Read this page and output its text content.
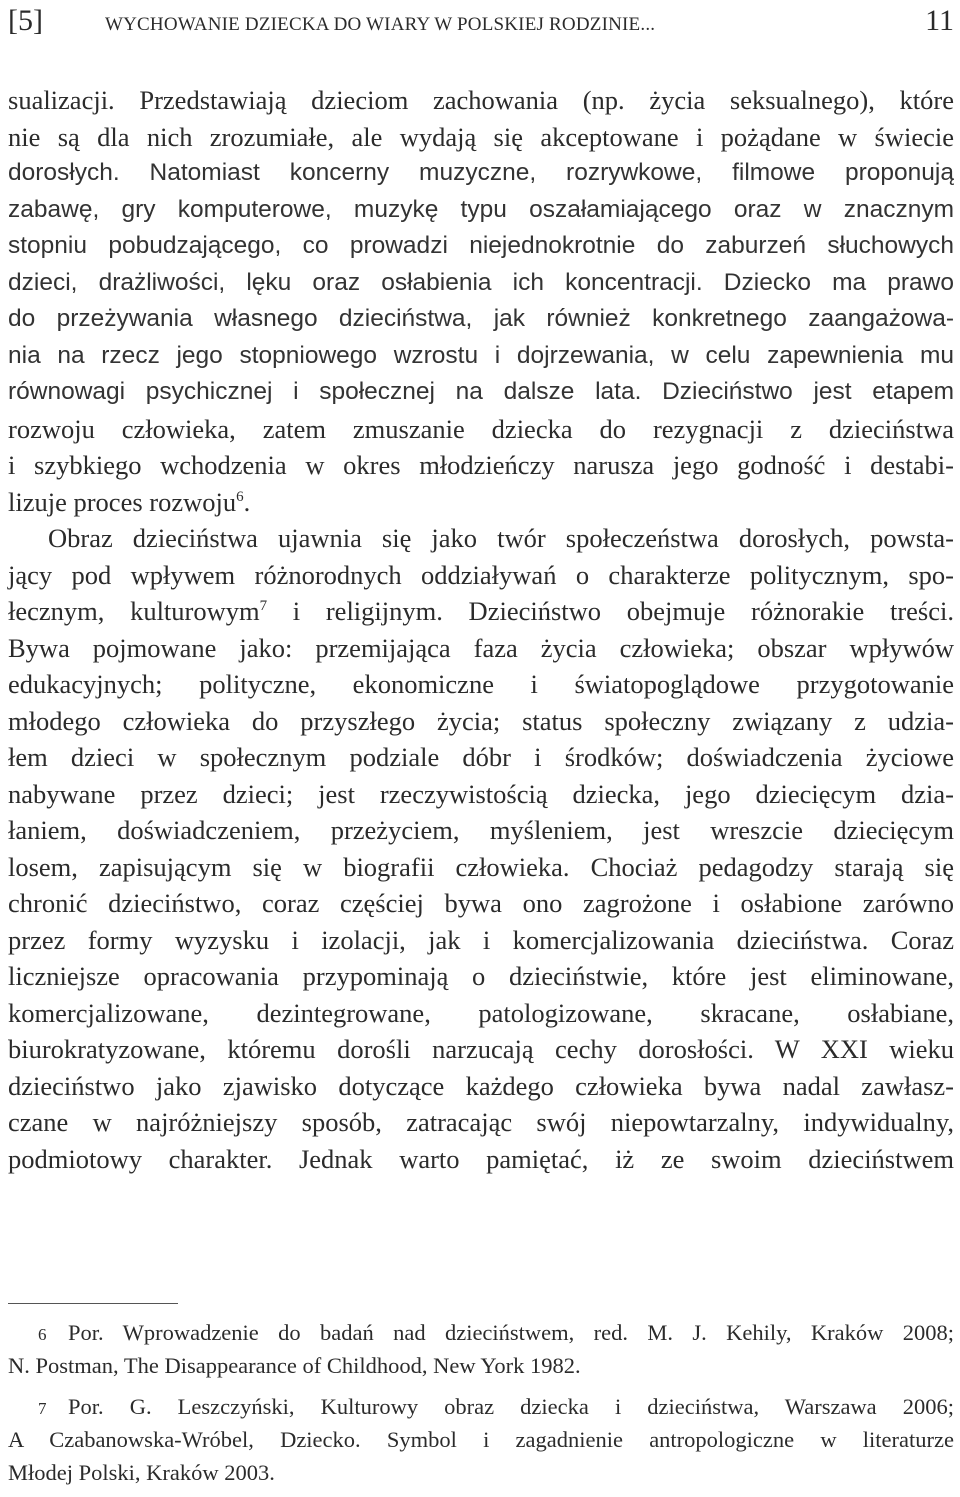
[5]	WYCHOWANIE DZIECKA DO WIARY W POLSKIEJ RODZINIE...	11
sualizacji. Przedstawiają dzieciom zachowania (np. życia seksualnego), które
nie są dla nich zrozumiałe, ale wydają się akceptowane i pożądane w świecie
dorosłych. Natomiast koncerny muzyczne, rozrywkowe, filmowe proponują
zabawę, gry komputerowe, muzykę typu oszałamiającego oraz w znacznym
stopniu pobudzającego, co prowadzi niejednokrotnie do zaburzeń słuchowych
dzieci, drażliwości, lęku oraz osłabienia ich koncentracji. Dziecko ma prawo
do przeżywania własnego dzieciństwa, jak również konkretnego zaangażowa-
nia na rzecz jego stopniowego wzrostu i dojrzewania, w celu zapewnienia mu
równowagi psychicznej i społecznej na dalsze lata. Dzieciństwo jest etapem
rozwoju człowieka, zatem zmuszanie dziecka do rezygnacji z dzieciństwa
i szybkiego wchodzenia w okres młodzieńczy narusza jego godność i destabi-
lizuje proces rozwoju$^6$.
Obraz dzieciństwa ujawnia się jako twór społeczeństwa dorosłych, powsta-
jący pod wpływem różnorodnych oddziaływań o charakterze politycznym, spo-
łecznym, kulturowym$^7$ i religijnym. Dzieciństwo obejmuje różnorakie treści.
Bywa pojmowane jako: przemijająca faza życia człowieka; obszar wpływów
edukacyjnych; polityczne, ekonomiczne i światopoglądowe przygotowanie
młodego człowieka do przyszłego życia; status społeczny związany z udzia-
łem dzieci w społecznym podziale dóbr i środków; doświadczenia życiowe
nabywane przez dzieci; jest rzeczywistością dziecka, jego dziecięcym dzia-
łaniem, doświadczeniem, przeżyciem, myśleniem, jest wreszcie dziecięcym
losem, zapisującym się w biografii człowieka. Chociaż pedagodzy starają się
chronić dzieciństwo, coraz częściej bywa ono zagrożone i osłabione zarówno
przez formy wyzysku i izolacji, jak i komercjalizowania dzieciństwa. Coraz
liczniejsze opracowania przypominają o dzieciństwie, które jest eliminowane,
komercjalizowane, dezintegrowane, patologizowane, skracane, osłabiane,
biurokratyzowane, któremu dorośli narzucają cechy dorosłości. W XXI wieku
dzieciństwo jako zjawisko dotyczące każdego człowieka bywa nadal zawłasz-
czane w najróżniejszy sposób, zatracając swój niepowtarzalny, indywidualny,
podmiotowy charakter. Jednak warto pamiętać, iż ze swoim dzieciństwem
6 Por. Wprowadzenie do badań nad dzieciństwem, red. M. J. Kehily, Kraków 2008;
N. Postman, The Disappearance of Childhood, New York 1982.
7 Por. G. Leszczyński, Kulturowy obraz dziecka i dzieciństwa, Warszawa 2006;
A Czabanowska-Wróbel, Dziecko. Symbol i zagadnienie antropologiczne w literaturze
Młodej Polski, Kraków 2003.
